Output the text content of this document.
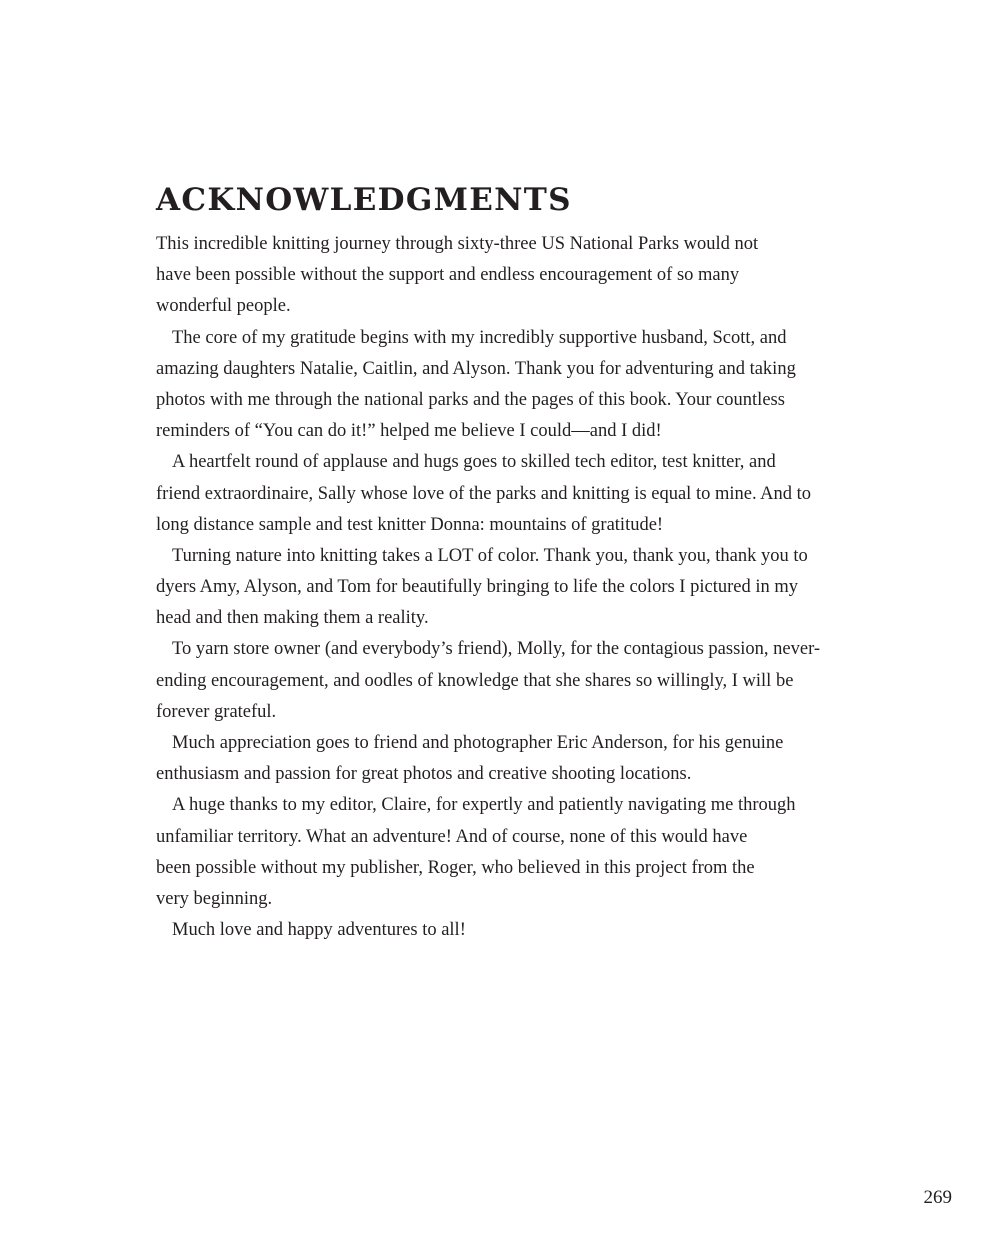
ACKNOWLEDGMENTS
This incredible knitting journey through sixty-three US National Parks would not
have been possible without the support and endless encouragement of so many
wonderful people.
The core of my gratitude begins with my incredibly supportive husband, Scott, and
amazing daughters Natalie, Caitlin, and Alyson. Thank you for adventuring and taking
photos with me through the national parks and the pages of this book. Your countless
reminders of “You can do it!” helped me believe I could—and I did!
A heartfelt round of applause and hugs goes to skilled tech editor, test knitter, and
friend extraordinaire, Sally whose love of the parks and knitting is equal to mine. And to
long distance sample and test knitter Donna: mountains of gratitude!
Turning nature into knitting takes a LOT of color. Thank you, thank you, thank you to
dyers Amy, Alyson, and Tom for beautifully bringing to life the colors I pictured in my
head and then making them a reality.
To yarn store owner (and everybody’s friend), Molly, for the contagious passion, never-
ending encouragement, and oodles of knowledge that she shares so willingly, I will be
forever grateful.
Much appreciation goes to friend and photographer Eric Anderson, for his genuine
enthusiasm and passion for great photos and creative shooting locations.
A huge thanks to my editor, Claire, for expertly and patiently navigating me through
unfamiliar territory. What an adventure! And of course, none of this would have
been possible without my publisher, Roger, who believed in this project from the
very beginning.
Much love and happy adventures to all!
269
